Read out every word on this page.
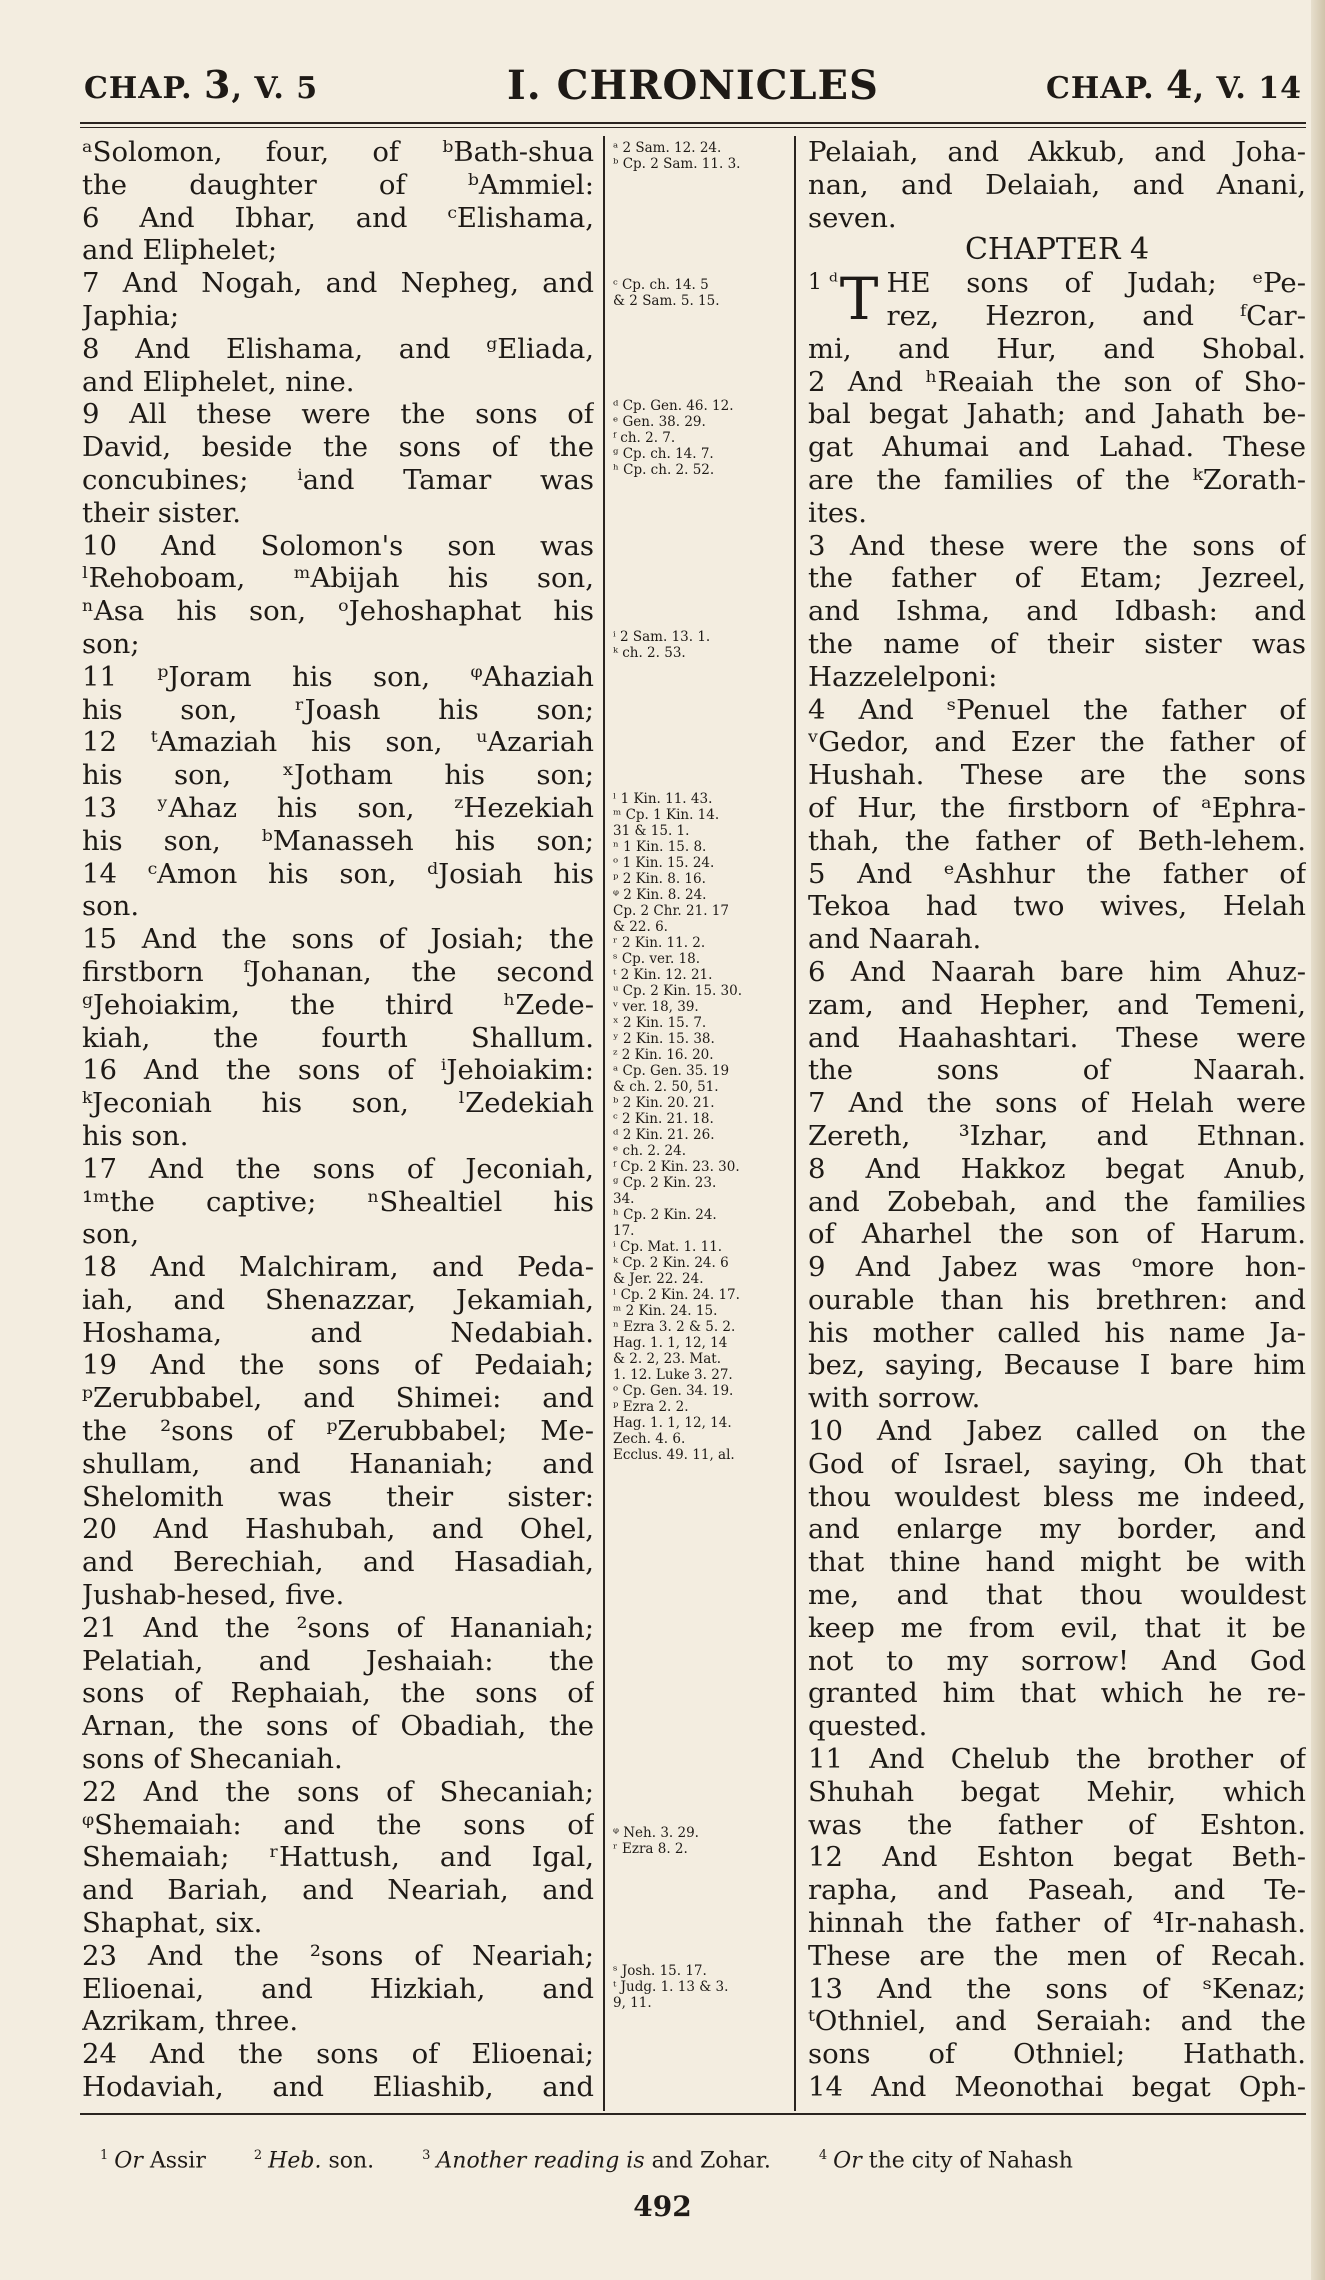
CHAP. 3, V. 5	I. CHRONICLES	CHAP. 4, V. 14
ᵃSolomon, four, of ᵇBath-shua
the daughter of ᵇAmmiel:
6 And Ibhar, and ᶜElishama,
and Eliphelet;
7 And Nogah, and Nepheg, and
Japhia;
8 And Elishama, and ᵍEliada,
and Eliphelet, nine.
9 All these were the sons of
David, beside the sons of the
concubines; ⁱand Tamar was
their sister.
10 And Solomon's son was
ˡRehoboam, ᵐAbijah his son,
ⁿAsa his son, ᵒJehoshaphat his
son;
11 ᵖJoram his son, ᵠAhaziah
his son, ʳJoash his son;
12 ᵗAmaziah his son, ᵘAzariah
his son, ˣJotham his son;
13 ʸAhaz his son, ᶻHezekiah
his son, ᵇManasseh his son;
14 ᶜAmon his son, ᵈJosiah his
son.
15 And the sons of Josiah; the
firstborn ᶠJohanan, the second
ᵍJehoiakim, the third ʰZede-
kiah, the fourth Shallum.
16 And the sons of ⁱJehoiakim:
ᵏJeconiah his son, ˡZedekiah
his son.
17 And the sons of Jeconiah,
¹ᵐthe captive; ⁿShealtiel his
son,
18 And Malchiram, and Peda-
iah, and Shenazzar, Jekamiah,
Hoshama, and Nedabiah.
19 And the sons of Pedaiah;
ᵖZerubbabel, and Shimei: and
the ²sons of ᵖZerubbabel; Me-
shullam, and Hananiah; and
Shelomith was their sister:
20 And Hashubah, and Ohel,
and Berechiah, and Hasadiah,
Jushab-hesed, five.
21 And the ²sons of Hananiah;
Pelatiah, and Jeshaiah: the
sons of Rephaiah, the sons of
Arnan, the sons of Obadiah, the
sons of Shecaniah.
22 And the sons of Shecaniah;
ᵠShemaiah: and the sons of
Shemaiah; ʳHattush, and Igal,
and Bariah, and Neariah, and
Shaphat, six.
23 And the ²sons of Neariah;
Elioenai, and Hizkiah, and
Azrikam, three.
24 And the sons of Elioenai;
Hodaviah, and Eliashib, and
ᵃ 2 Sam. 12. 24.
ᵇ Cp. 2 Sam. 11. 3.
ᶜ Cp. ch. 14. 5
& 2 Sam. 5. 15.
ᵈ Cp. Gen. 46. 12.
ᵉ Gen. 38. 29.
ᶠ ch. 2. 7.
ᵍ Cp. ch. 14. 7.
ʰ Cp. ch. 2. 52.
ⁱ 2 Sam. 13. 1.
ᵏ ch. 2. 53.
ˡ 1 Kin. 11. 43.
ᵐ Cp. 1 Kin. 14.
31 & 15. 1.
ⁿ 1 Kin. 15. 8.
ᵒ 1 Kin. 15. 24.
ᵖ 2 Kin. 8. 16.
ᵠ 2 Kin. 8. 24.
Cp. 2 Chr. 21. 17
& 22. 6.
ʳ 2 Kin. 11. 2.
ˢ Cp. ver. 18.
ᵗ 2 Kin. 12. 21.
ᵘ Cp. 2 Kin. 15. 30.
ᵛ ver. 18, 39.
ˣ 2 Kin. 15. 7.
ʸ 2 Kin. 15. 38.
ᶻ 2 Kin. 16. 20.
ᵃ Cp. Gen. 35. 19
& ch. 2. 50, 51.
ᵇ 2 Kin. 20. 21.
ᶜ 2 Kin. 21. 18.
ᵈ 2 Kin. 21. 26.
ᵉ ch. 2. 24.
ᶠ Cp. 2 Kin. 23. 30.
ᵍ Cp. 2 Kin. 23.
34.
ʰ Cp. 2 Kin. 24.
17.
ⁱ Cp. Mat. 1. 11.
ᵏ Cp. 2 Kin. 24. 6
& Jer. 22. 24.
ˡ Cp. 2 Kin. 24. 17.
ᵐ 2 Kin. 24. 15.
ⁿ Ezra 3. 2 & 5. 2.
Hag. 1. 1, 12, 14
& 2. 2, 23. Mat.
1. 12. Luke 3. 27.
ᵒ Cp. Gen. 34. 19.
ᵖ Ezra 2. 2.
Hag. 1. 1, 12, 14.
Zech. 4. 6.
Ecclus. 49. 11, al.
ᵠ Neh. 3. 29.
ʳ Ezra 8. 2.
ˢ Josh. 15. 17.
ᵗ Judg. 1. 13 & 3.
9, 11.
Pelaiah, and Akkub, and Joha-
nan, and Delaiah, and Anani,
seven.
CHAPTER 4
1 ᵈ T HE sons of Judah; ᵉPe-
rez, Hezron, and ᶠCar-
mi, and Hur, and Shobal.
2 And ʰReaiah the son of Sho-
bal begat Jahath; and Jahath be-
gat Ahumai and Lahad. These
are the families of the ᵏZorath-
ites.
3 And these were the sons of
the father of Etam; Jezreel,
and Ishma, and Idbash: and
the name of their sister was
Hazzelelponi:
4 And ˢPenuel the father of
ᵛGedor, and Ezer the father of
Hushah. These are the sons
of Hur, the firstborn of ᵃEphra-
thah, the father of Beth-lehem.
5 And ᵉAshhur the father of
Tekoa had two wives, Helah
and Naarah.
6 And Naarah bare him Ahuz-
zam, and Hepher, and Temeni,
and Haahashtari. These were
the sons of Naarah.
7 And the sons of Helah were
Zereth, ³Izhar, and Ethnan.
8 And Hakkoz begat Anub,
and Zobebah, and the families
of Aharhel the son of Harum.
9 And Jabez was ᵒmore hon-
ourable than his brethren: and
his mother called his name Ja-
bez, saying, Because I bare him
with sorrow.
10 And Jabez called on the
God of Israel, saying, Oh that
thou wouldest bless me indeed,
and enlarge my border, and
that thine hand might be with
me, and that thou wouldest
keep me from evil, that it be
not to my sorrow! And God
granted him that which he re-
quested.
11 And Chelub the brother of
Shuhah begat Mehir, which
was the father of Eshton.
12 And Eshton begat Beth-
rapha, and Paseah, and Te-
hinnah the father of ⁴Ir-nahash.
These are the men of Recah.
13 And the sons of ˢKenaz;
ᵗOthniel, and Seraiah: and the
sons of Othniel; Hathath.
14 And Meonothai begat Oph-
$^1$ Or Assir	$^2$ Heb. son.	$^3$ Another reading is and Zohar.	$^4$ Or the city of Nahash
492
